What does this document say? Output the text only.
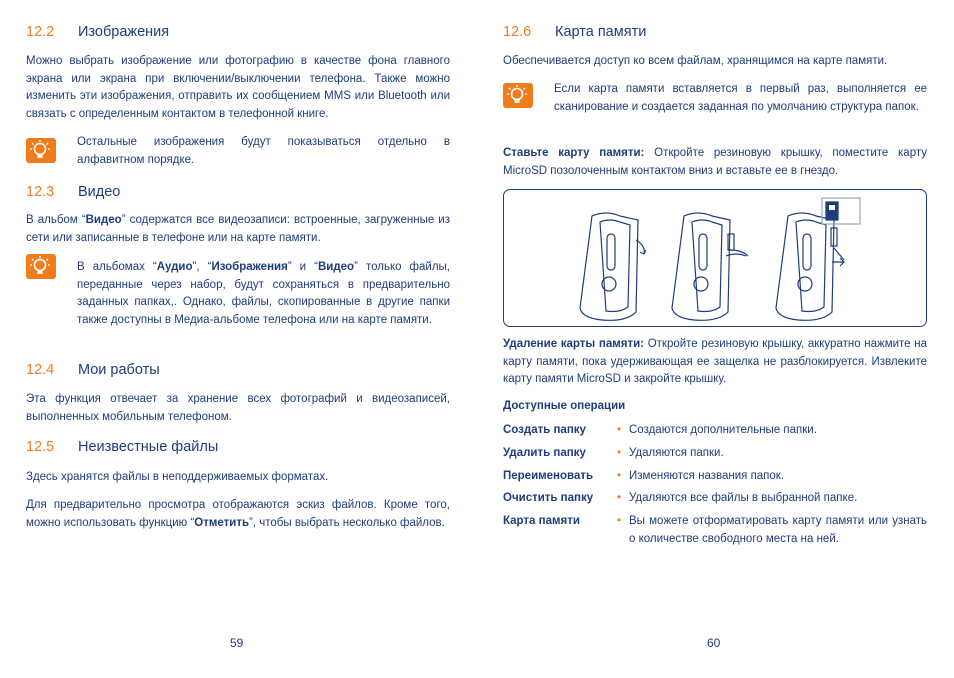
12.2	Изображения
Можно выбрать изображение или фотографию в качестве фона главного экрана или экрана при включении/выключении телефона. Также можно изменить эти изображения, отправить их сообщением MMS или Bluetooth или связать с определенным контактом в телефонной книге.
Остальные изображения будут показываться отдельно в алфавитном порядке.
12.3	Видео
В альбом “Видео” содержатся все видеозаписи: встроенные, загруженные из сети или записанные в телефоне или на карте памяти.
В альбомах “Аудио”, “Изображения” и “Видео” только файлы, переданные через набор, будут сохраняться в предварительно заданных папках,. Однако, файлы, скопированные в другие папки также доступны в Медиа-альбоме телефона или на карте памяти.
12.4	Мои работы
Эта функция отвечает за хранение всех фотографий и видеозаписей, выполненных мобильным телефоном.
12.5	Неизвестные файлы
Здесь хранятся файлы в неподдерживаемых форматах.
Для предварительно просмотра отображаются эскиз файлов. Кроме того, можно использовать функцию “Отметить”, чтобы выбрать несколько файлов.
59
12.6	Карта памяти
Обеспечивается доступ ко всем файлам, хранящимся на карте памяти.
Если карта памяти вставляется в первый раз, выполняется ее сканирование и создается заданная по умолчанию структура папок.
Ставьте карту памяти: Откройте резиновую крышку, поместите карту MicroSD позолоченным контактом вниз и вставьте ее в гнездо.
Удаление карты памяти: Откройте резиновую крышку, аккуратно нажмите на карту памяти, пока удерживающая ее защелка не разблокируется. Извлеките карту памяти MicroSD и закройте крышку.
Доступные операции
Создать папку	• Создаются дополнительные папки.
Удалить папку	• Удаляются папки.
Переименовать	• Изменяются названия папок.
Очистить папку	• Удаляются все файлы в выбранной папке.
Карта памяти	• Вы можете отформатировать карту памяти или узнать о количестве свободного места на ней.
60
